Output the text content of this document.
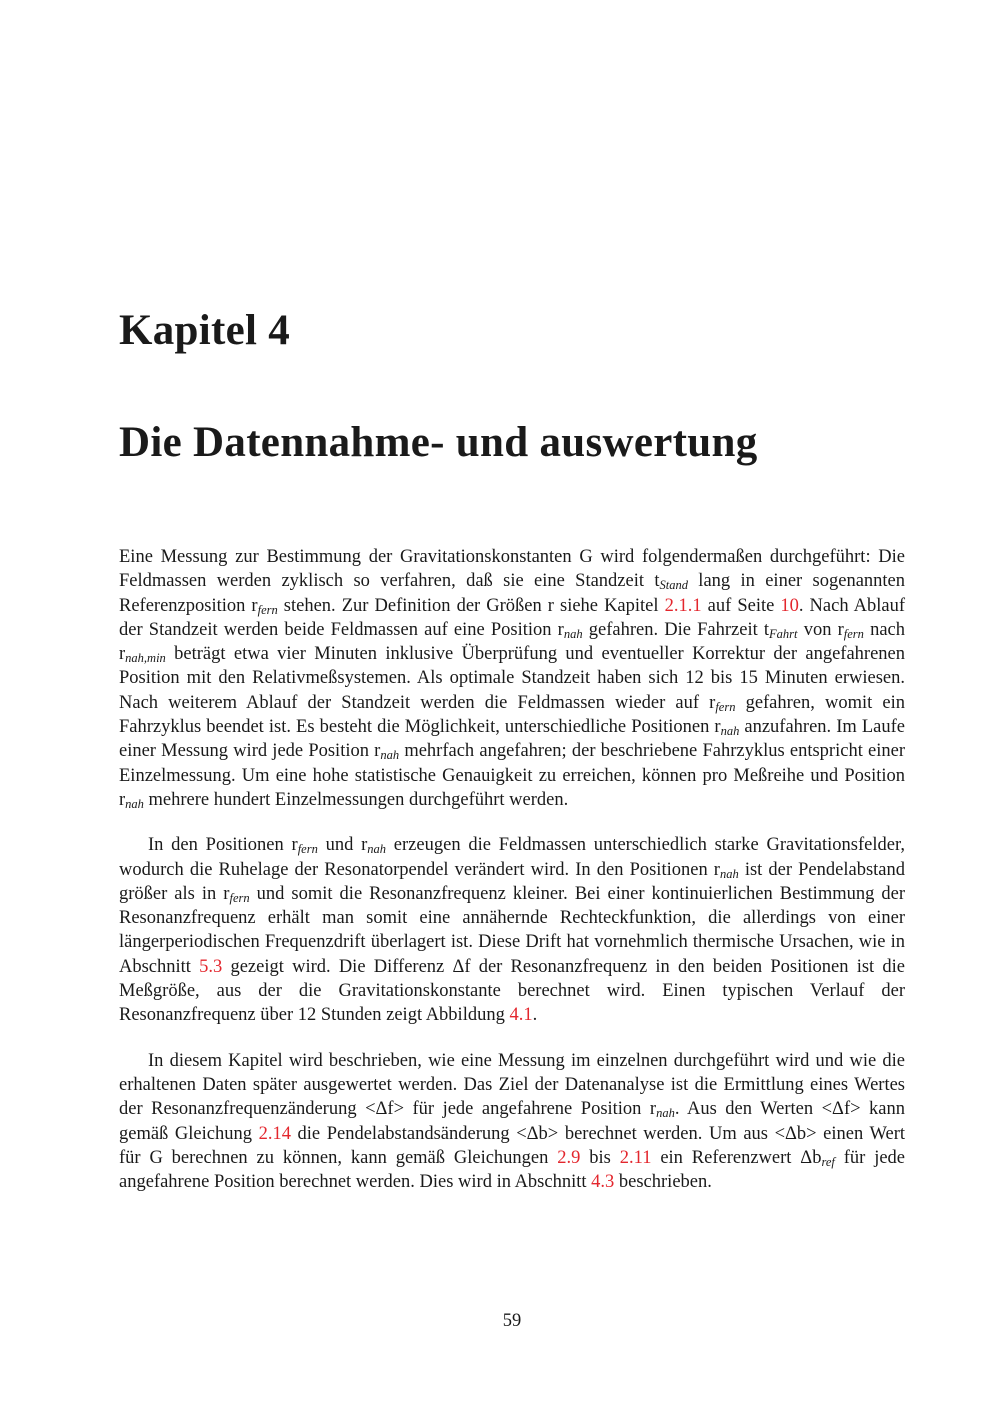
Kapitel 4
Die Datennahme- und auswertung

Eine Messung zur Bestimmung der Gravitationskonstanten G wird folgendermaßen durchgeführt: Die Feldmassen werden zyklisch so verfahren, daß sie eine Standzeit $t_{Stand}$ lang in einer sogenannten Referenzposition $r_{fern}$ stehen. Zur Definition der Größen r siehe Kapitel 2.1.1 auf Seite 10. Nach Ablauf der Standzeit werden beide Feldmassen auf eine Position $r_{nah}$ gefahren. Die Fahrzeit $t_{Fahrt}$ von $r_{fern}$ nach $r_{nah,min}$ beträgt etwa vier Minuten inklusive Überprüfung und eventueller Korrektur der angefahrenen Position mit den Relativmeßsystemen. Als optimale Standzeit haben sich 12 bis 15 Minuten erwiesen. Nach weiterem Ablauf der Standzeit werden die Feldmassen wieder auf $r_{fern}$ gefahren, womit ein Fahrzyklus beendet ist. Es besteht die Möglichkeit, unterschiedliche Positionen $r_{nah}$ anzufahren. Im Laufe einer Messung wird jede Position $r_{nah}$ mehrfach angefahren; der beschriebene Fahrzyklus entspricht einer Einzelmessung. Um eine hohe statistische Genauigkeit zu erreichen, können pro Meßreihe und Position $r_{nah}$ mehrere hundert Einzelmessungen durchgeführt werden.

In den Positionen $r_{fern}$ und $r_{nah}$ erzeugen die Feldmassen unterschiedlich starke Gravitationsfelder, wodurch die Ruhelage der Resonatorpendel verändert wird. In den Positionen $r_{nah}$ ist der Pendelabstand größer als in $r_{fern}$ und somit die Resonanzfrequenz kleiner. Bei einer kontinuierlichen Bestimmung der Resonanzfrequenz erhält man somit eine annähernde Rechteckfunktion, die allerdings von einer längerperiodischen Frequenzdrift überlagert ist. Diese Drift hat vornehmlich thermische Ursachen, wie in Abschnitt 5.3 gezeigt wird. Die Differenz Δf der Resonanzfrequenz in den beiden Positionen ist die Meßgröße, aus der die Gravitationskonstante berechnet wird. Einen typischen Verlauf der Resonanzfrequenz über 12 Stunden zeigt Abbildung 4.1.

In diesem Kapitel wird beschrieben, wie eine Messung im einzelnen durchgeführt wird und wie die erhaltenen Daten später ausgewertet werden. Das Ziel der Datenanalyse ist die Ermittlung eines Wertes der Resonanzfrequenzänderung <Δf> für jede angefahrene Position $r_{nah}$. Aus den Werten <Δf> kann gemäß Gleichung 2.14 die Pendelabstandsänderung <Δb> berechnet werden. Um aus <Δb> einen Wert für G berechnen zu können, kann gemäß Gleichungen 2.9 bis 2.11 ein Referenzwert $\Delta b_{ref}$ für jede angefahrene Position berechnet werden. Dies wird in Abschnitt 4.3 beschrieben.

59
